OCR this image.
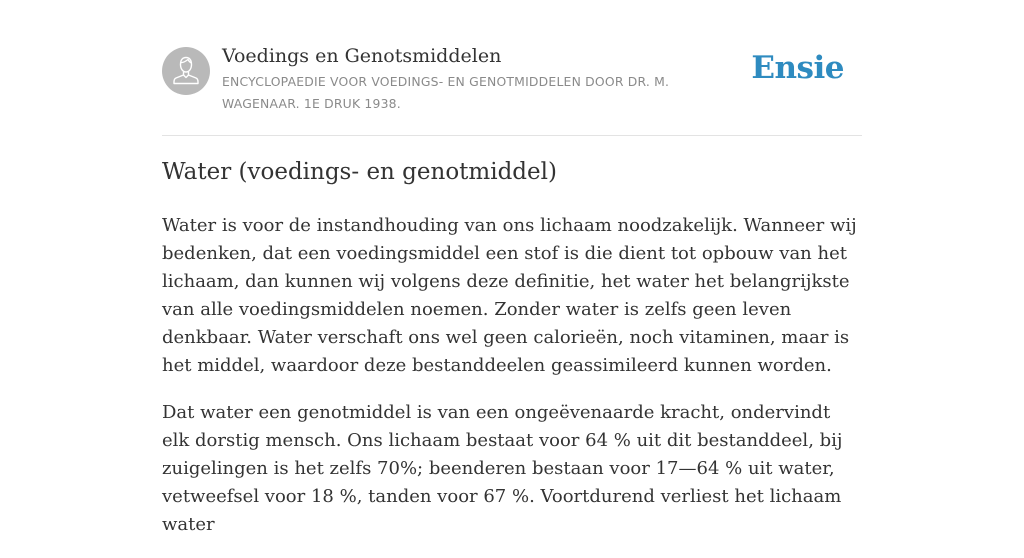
Voedings en Genotsmiddelen
ENCYCLOPAEDIE VOOR VOEDINGS- EN GENOTMIDDELEN DOOR DR. M. WAGENAAR. 1E DRUK 1938.
Ensie
Water (voedings- en genotmiddel)

Water is voor de instandhouding van ons lichaam noodzakelijk. Wanneer wij bedenken, dat een voedingsmiddel een stof is die dient tot opbouw van het lichaam, dan kunnen wij volgens deze definitie, het water het belangrijkste van alle voedingsmiddelen noemen. Zonder water is zelfs geen leven denkbaar. Water verschaft ons wel geen calorieën, noch vitaminen, maar is het middel, waardoor deze bestanddeelen geassimileerd kunnen worden.

Dat water een genotmiddel is van een ongeëvenaarde kracht, ondervindt elk dorstig mensch. Ons lichaam bestaat voor 64 % uit dit bestanddeel, bij zuigelingen is het zelfs 70%; beenderen bestaan voor 17—64 % uit water, vetweefsel voor 18 %, tanden voor 67 %. Voortdurend verliest het lichaam water
